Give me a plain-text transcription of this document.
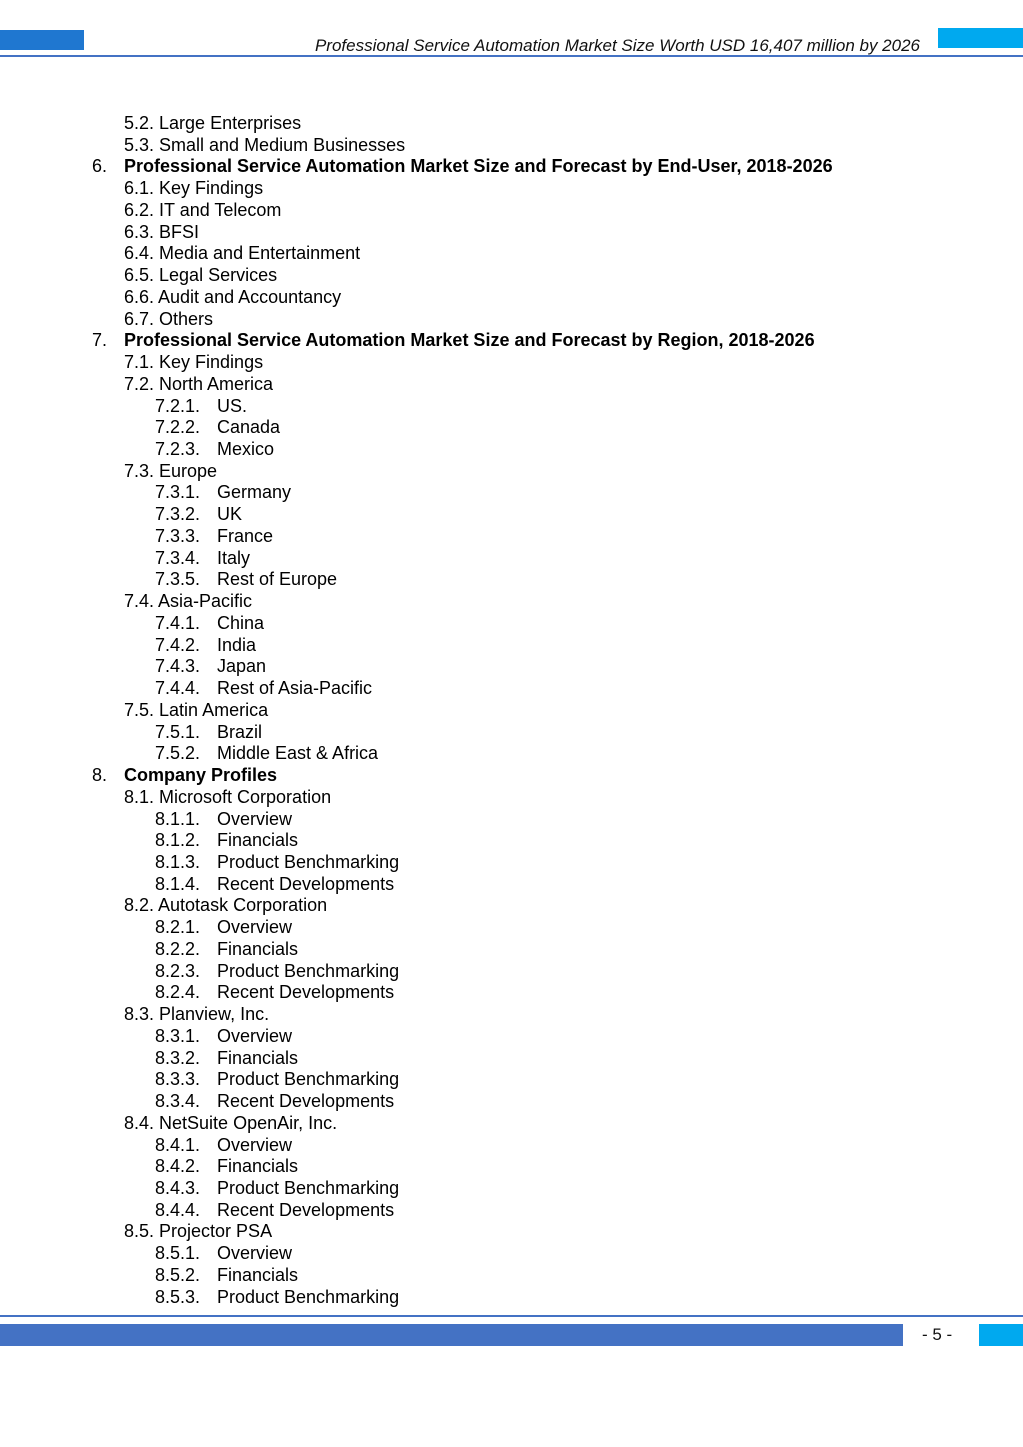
Professional Service Automation Market Size Worth USD 16,407 million by 2026
5.2. Large Enterprises
5.3. Small and Medium Businesses
6. Professional Service Automation Market Size and Forecast by End-User, 2018-2026
6.1. Key Findings
6.2. IT and Telecom
6.3. BFSI
6.4. Media and Entertainment
6.5. Legal Services
6.6. Audit and Accountancy
6.7. Others
7. Professional Service Automation Market Size and Forecast by Region, 2018-2026
7.1. Key Findings
7.2. North America
7.2.1. US.
7.2.2. Canada
7.2.3. Mexico
7.3. Europe
7.3.1. Germany
7.3.2. UK
7.3.3. France
7.3.4. Italy
7.3.5. Rest of Europe
7.4. Asia-Pacific
7.4.1. China
7.4.2. India
7.4.3. Japan
7.4.4. Rest of Asia-Pacific
7.5. Latin America
7.5.1. Brazil
7.5.2. Middle East & Africa
8. Company Profiles
8.1. Microsoft Corporation
8.1.1. Overview
8.1.2. Financials
8.1.3. Product Benchmarking
8.1.4. Recent Developments
8.2. Autotask Corporation
8.2.1. Overview
8.2.2. Financials
8.2.3. Product Benchmarking
8.2.4. Recent Developments
8.3. Planview, Inc.
8.3.1. Overview
8.3.2. Financials
8.3.3. Product Benchmarking
8.3.4. Recent Developments
8.4. NetSuite OpenAir, Inc.
8.4.1. Overview
8.4.2. Financials
8.4.3. Product Benchmarking
8.4.4. Recent Developments
8.5. Projector PSA
8.5.1. Overview
8.5.2. Financials
8.5.3. Product Benchmarking
- 5 -
